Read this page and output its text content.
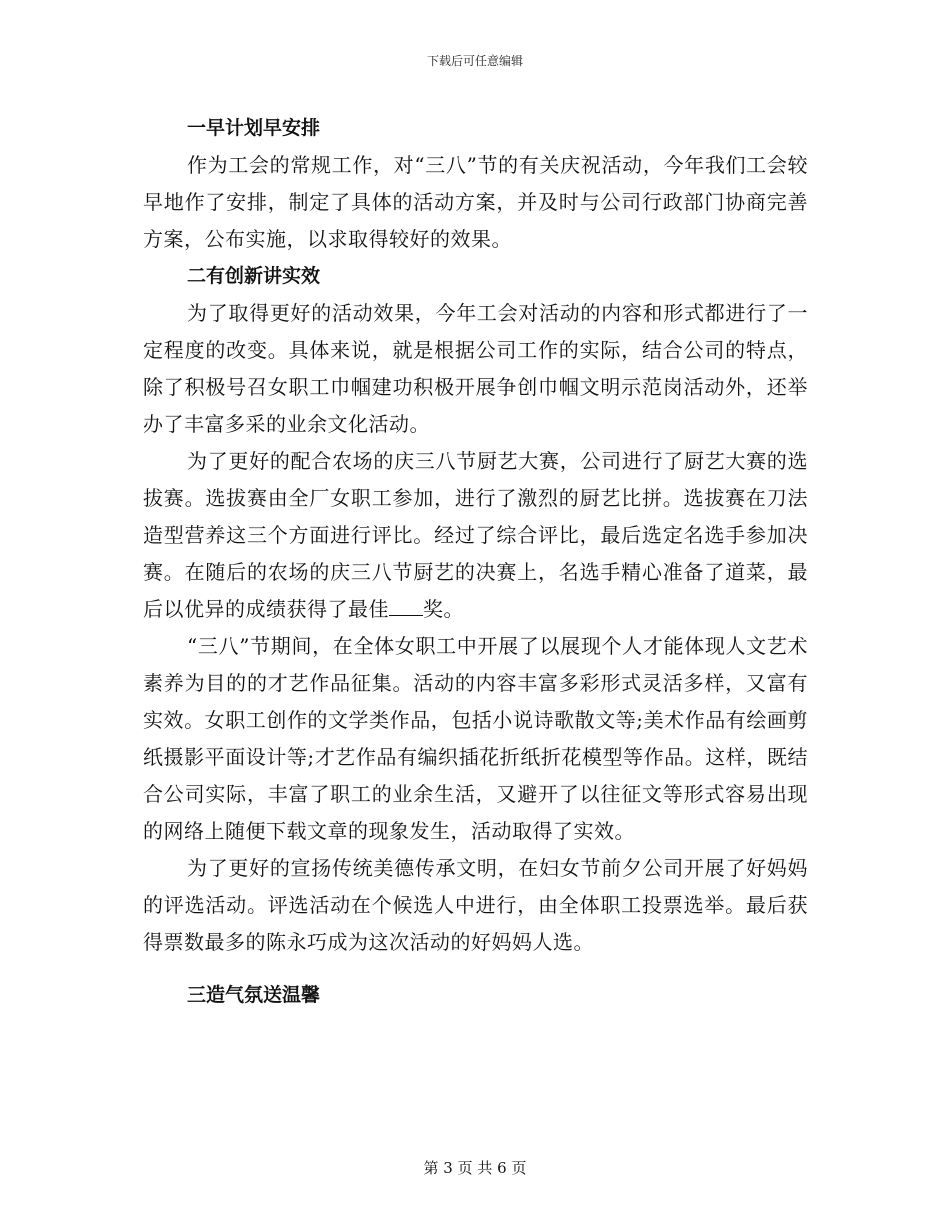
下载后可任意编辑

一早计划早安排

作为工会的常规工作，对“三八”节的有关庆祝活动，今年我们工会较早地作了安排，制定了具体的活动方案，并及时与公司行政部门协商完善方案，公布实施，以求取得较好的效果。

二有创新讲实效

为了取得更好的活动效果，今年工会对活动的内容和形式都进行了一定程度的改变。具体来说，就是根据公司工作的实际，结合公司的特点，除了积极号召女职工巾帼建功积极开展争创巾帼文明示范岗活动外，还举办了丰富多采的业余文化活动。

为了更好的配合农场的庆三八节厨艺大赛，公司进行了厨艺大赛的选拔赛。选拔赛由全厂女职工参加，进行了激烈的厨艺比拼。选拔赛在刀法造型营养这三个方面进行评比。经过了综合评比，最后选定名选手参加决赛。在随后的农场的庆三八节厨艺的决赛上，名选手精心准备了道菜，最后以优异的成绩获得了最佳 奖。

“三八”节期间，在全体女职工中开展了以展现个人才能体现人文艺术素养为目的的才艺作品征集。活动的内容丰富多彩形式灵活多样，又富有实效。女职工创作的文学类作品，包括小说诗歌散文等;美术作品有绘画剪纸摄影平面设计等;才艺作品有编织插花折纸折花模型等作品。这样，既结合公司实际，丰富了职工的业余生活，又避开了以往征文等形式容易出现的网络上随便下载文章的现象发生，活动取得了实效。

为了更好的宣扬传统美德传承文明，在妇女节前夕公司开展了好妈妈的评选活动。评选活动在个候选人中进行，由全体职工投票选举。最后获得票数最多的陈永巧成为这次活动的好妈妈人选。

三造气氛送温馨

第 3 页 共 6 页
